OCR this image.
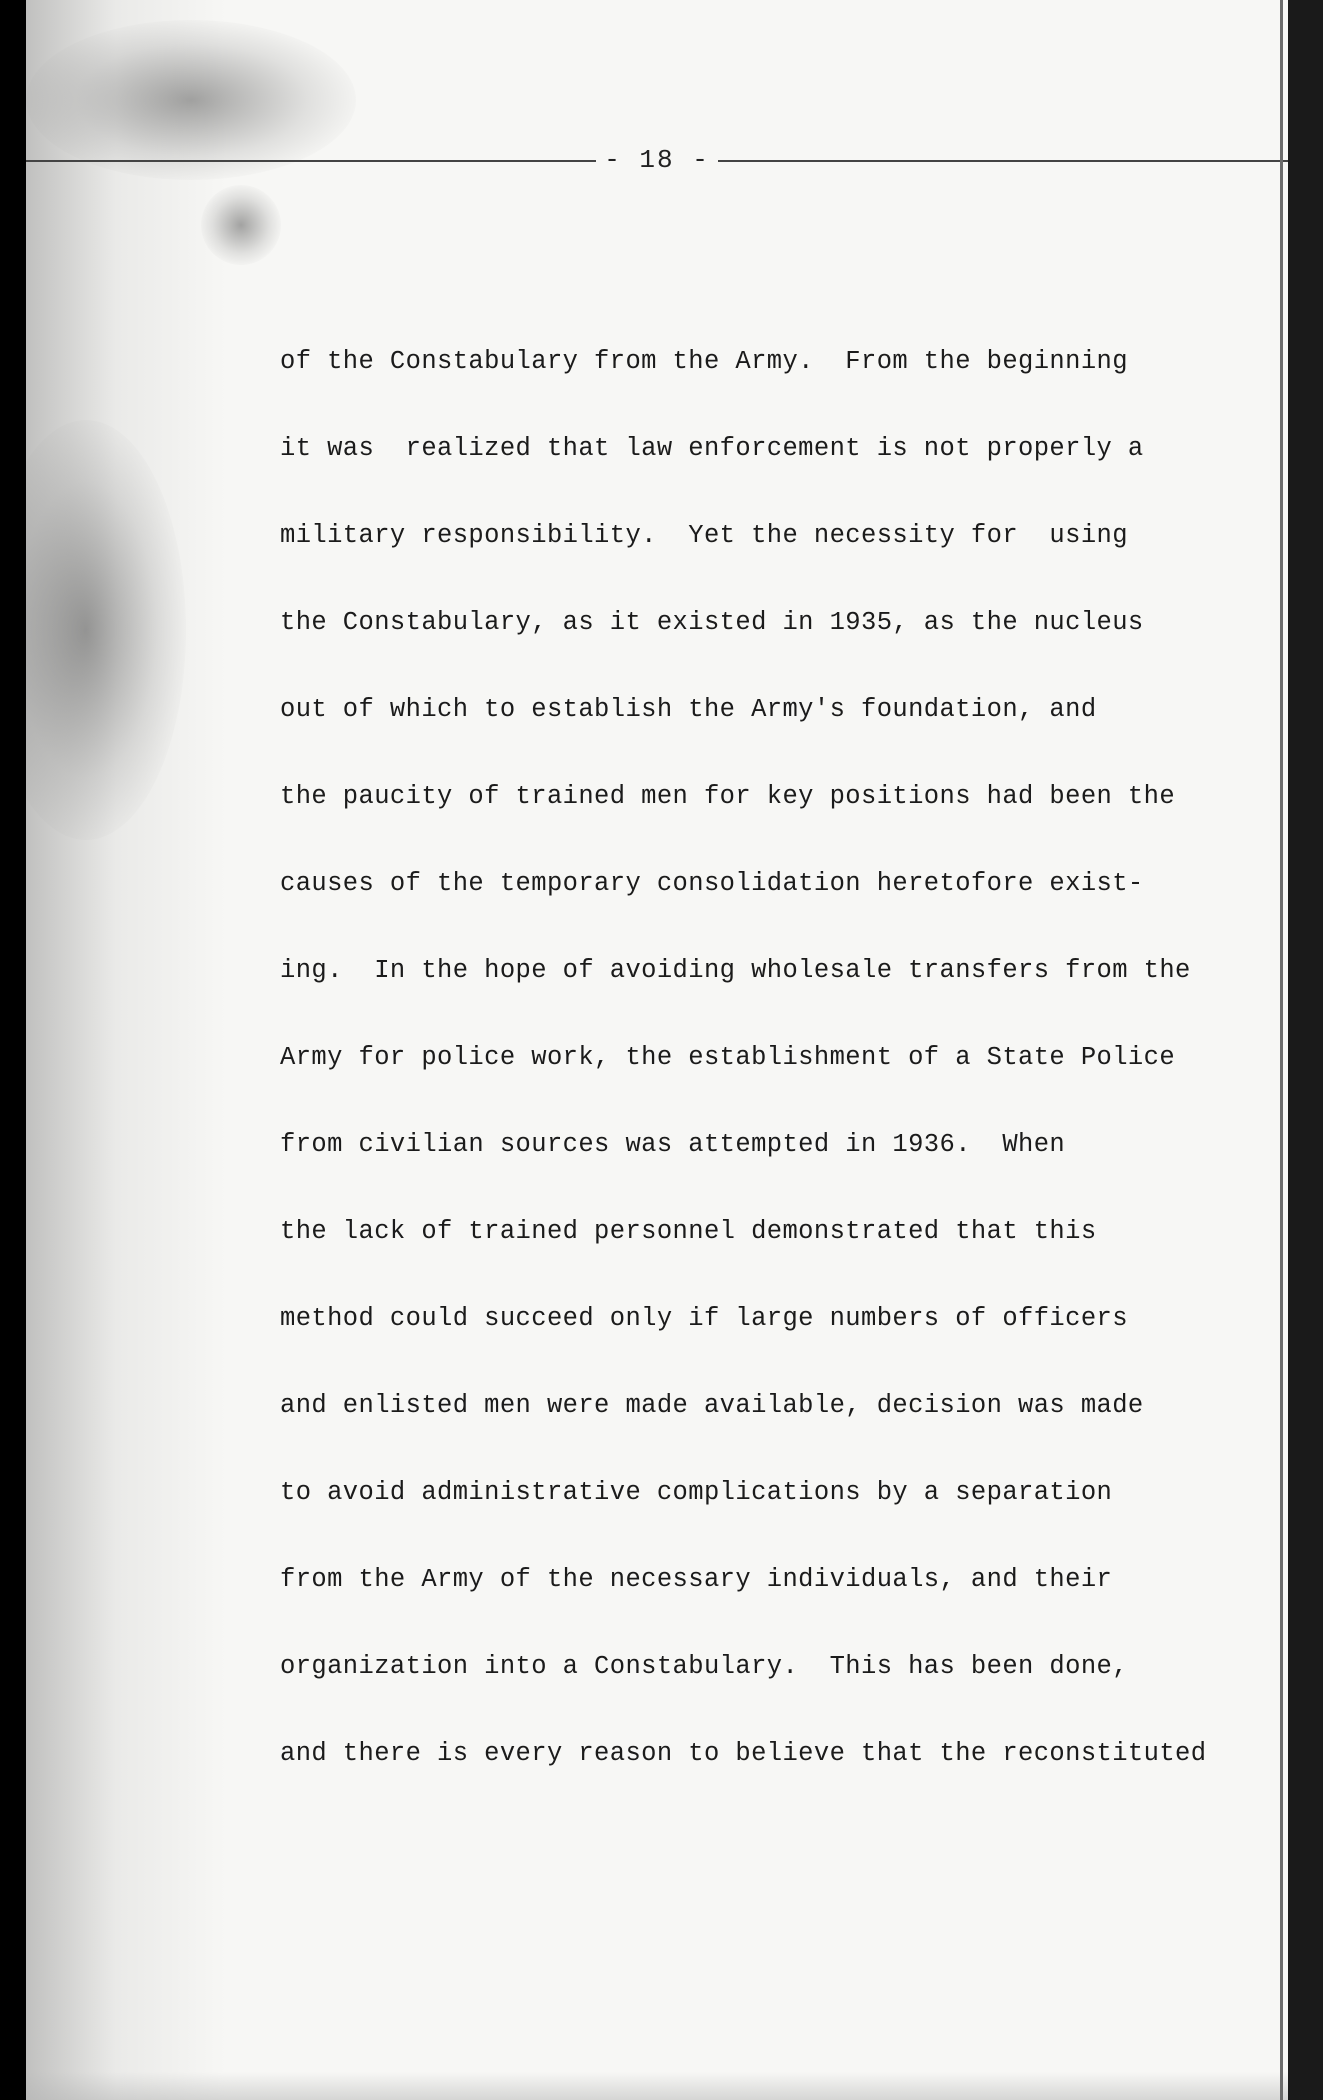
- 18 -
of the Constabulary from the Army.  From the beginning
it was  realized that law enforcement is not properly a
military responsibility.  Yet the necessity for  using
the Constabulary, as it existed in 1935, as the nucleus
out of which to establish the Army's foundation, and
the paucity of trained men for key positions had been the
causes of the temporary consolidation heretofore exist-
ing.  In the hope of avoiding wholesale transfers from the
Army for police work, the establishment of a State Police
from civilian sources was attempted in 1936.  When
the lack of trained personnel demonstrated that this
method could succeed only if large numbers of officers
and enlisted men were made available, decision was made
to avoid administrative complications by a separation
from the Army of the necessary individuals, and their
organization into a Constabulary.  This has been done,
and there is every reason to believe that the reconstituted
